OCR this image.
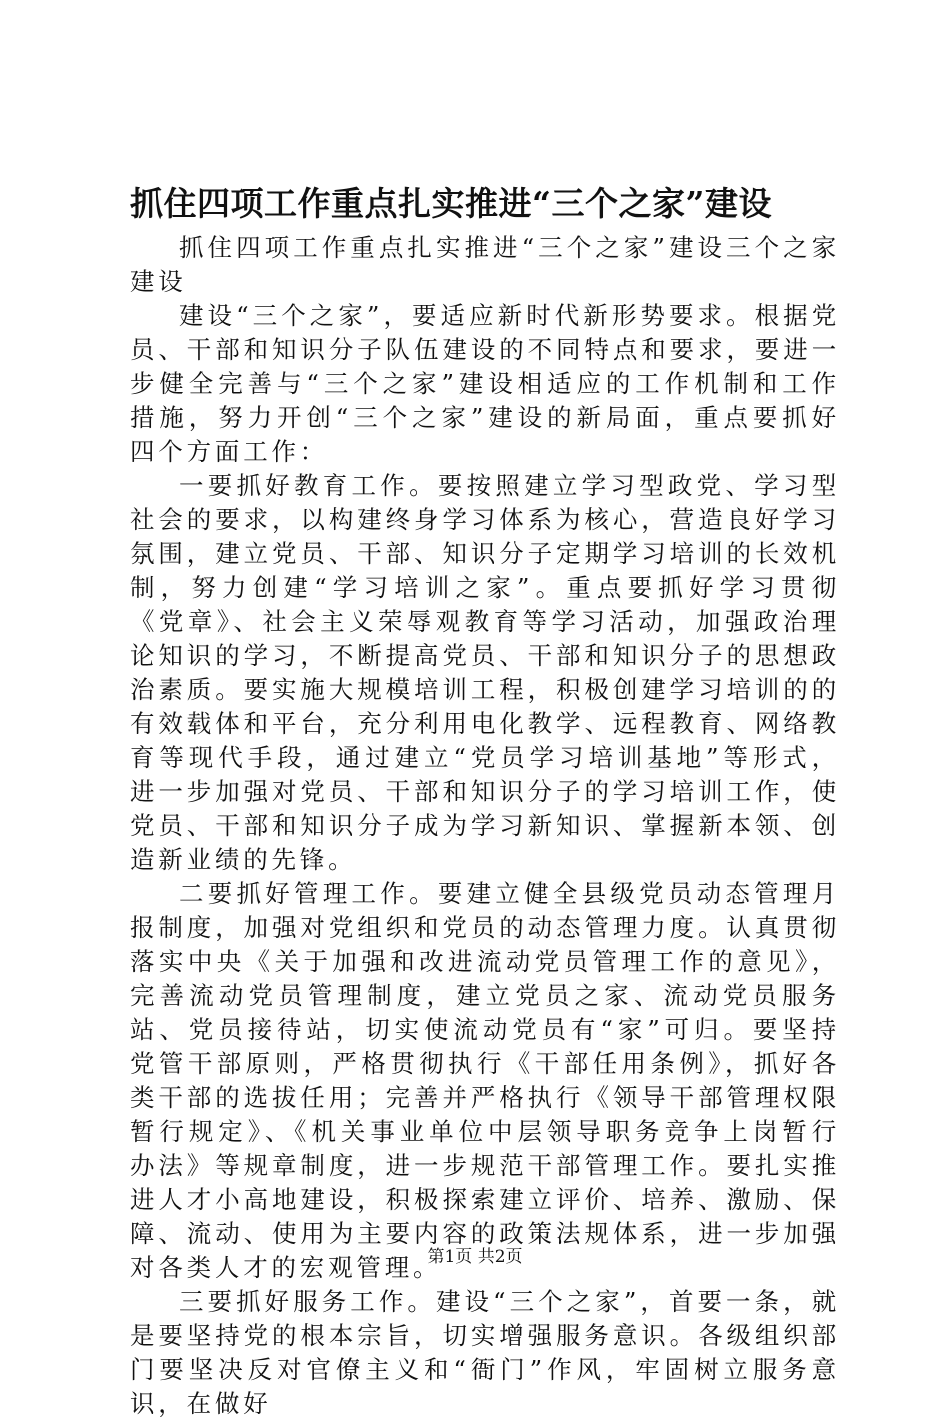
抓住四项工作重点扎实推进“三个之家”建设

抓住四项工作重点扎实推进“三个之家”建设三个之家建设

建设“三个之家”，要适应新时代新形势要求。根据党员、干部和知识分子队伍建设的不同特点和要求，要进一步健全完善与“三个之家”建设相适应的工作机制和工作措施，努力开创“三个之家”建设的新局面，重点要抓好四个方面工作：

一要抓好教育工作。要按照建立学习型政党、学习型社会的要求，以构建终身学习体系为核心，营造良好学习氛围，建立党员、干部、知识分子定期学习培训的长效机制，努力创建“学习培训之家”。重点要抓好学习贯彻《党章》、社会主义荣辱观教育等学习活动，加强政治理论知识的学习，不断提高党员、干部和知识分子的思想政治素质。要实施大规模培训工程，积极创建学习培训的的有效载体和平台，充分利用电化教学、远程教育、网络教育等现代手段，通过建立“党员学习培训基地”等形式，进一步加强对党员、干部和知识分子的学习培训工作，使党员、干部和知识分子成为学习新知识、掌握新本领、创造新业绩的先锋。

二要抓好管理工作。要建立健全县级党员动态管理月报制度，加强对党组织和党员的动态管理力度。认真贯彻落实中央《关于加强和改进流动党员管理工作的意见》，完善流动党员管理制度，建立党员之家、流动党员服务站、党员接待站，切实使流动党员有“家”可归。要坚持党管干部原则，严格贯彻执行《干部任用条例》，抓好各类干部的选拔任用；完善并严格执行《领导干部管理权限暂行规定》、《机关事业单位中层领导职务竞争上岗暂行办法》等规章制度，进一步规范干部管理工作。要扎实推进人才小高地建设，积极探索建立评价、培养、激励、保障、流动、使用为主要内容的政策法规体系，进一步加强对各类人才的宏观管理。

三要抓好服务工作。建设“三个之家”，首要一条，就是要坚持党的根本宗旨，切实增强服务意识。各级组织部门要坚决反对官僚主义和“衙门”作风，牢固树立服务意识，在做好

第1页 共2页
